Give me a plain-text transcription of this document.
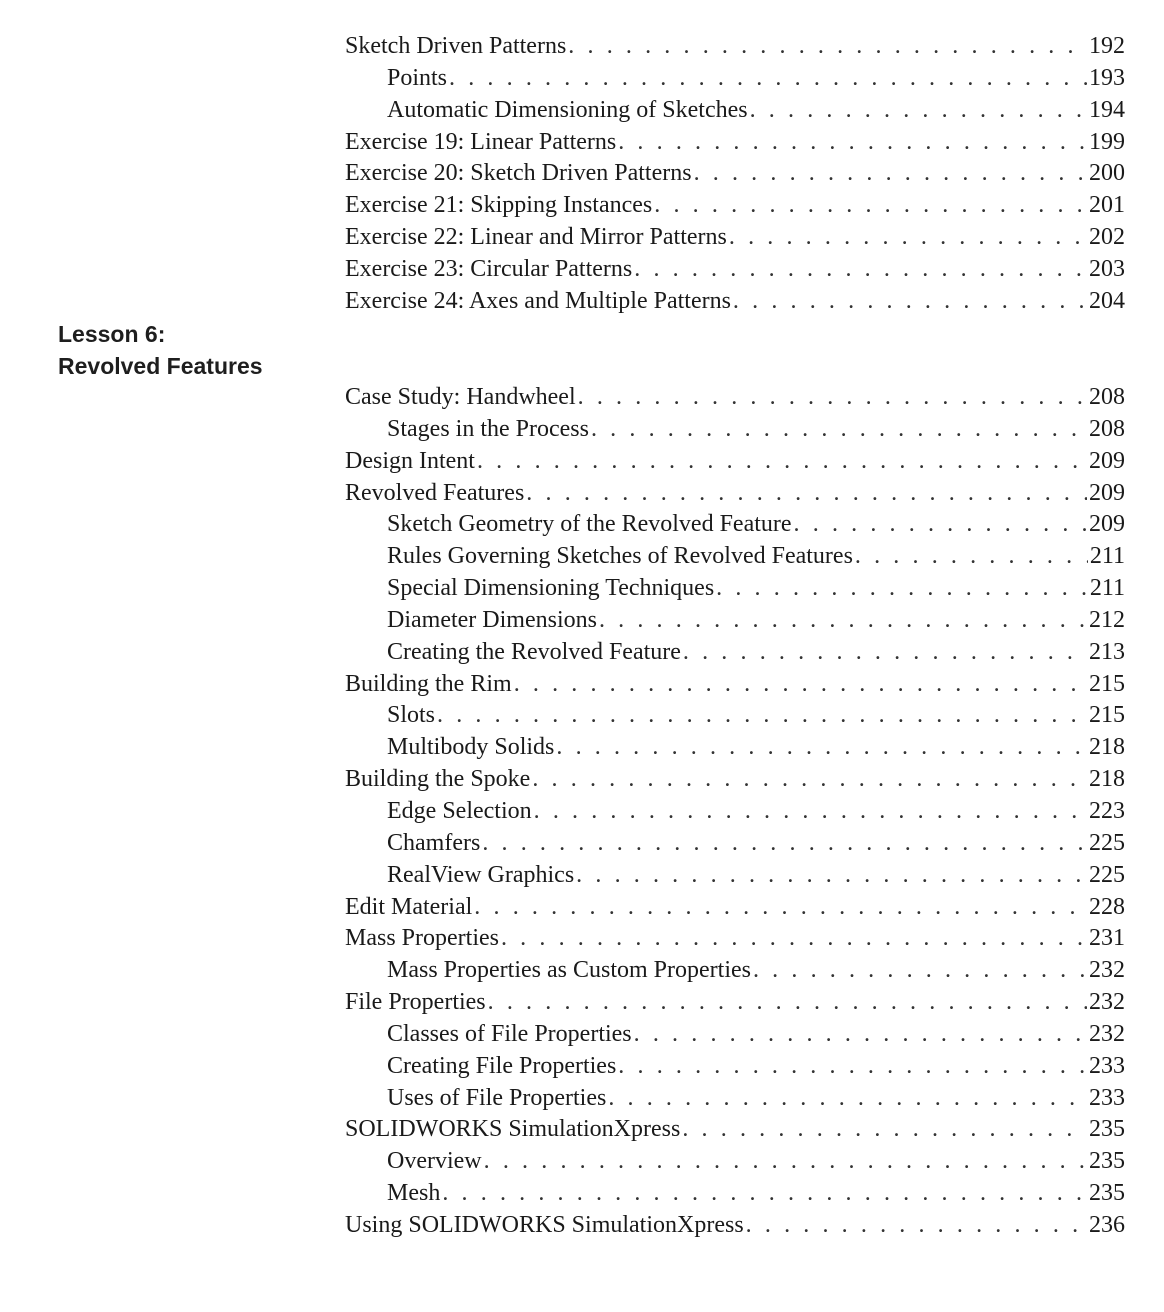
Sketch Driven Patterns . . .	192
Points . . .	193
Automatic Dimensioning of Sketches . . .	194
Exercise 19: Linear Patterns . . .	199
Exercise 20: Sketch Driven Patterns . . .	200
Exercise 21: Skipping Instances . . .	201
Exercise 22: Linear and Mirror Patterns . . .	202
Exercise 23: Circular Patterns . . .	203
Exercise 24: Axes and Multiple Patterns . . .	204
Lesson 6:
Revolved Features
Case Study: Handwheel . . .	208
Stages in the Process . . .	208
Design Intent . . .	209
Revolved Features . . .	209
Sketch Geometry of the Revolved Feature . . .	209
Rules Governing Sketches of Revolved Features . . .	211
Special Dimensioning Techniques . . .	211
Diameter Dimensions . . .	212
Creating the Revolved Feature . . .	213
Building the Rim . . .	215
Slots . . .	215
Multibody Solids . . .	218
Building the Spoke . . .	218
Edge Selection . . .	223
Chamfers . . .	225
RealView Graphics . . .	225
Edit Material . . .	228
Mass Properties . . .	231
Mass Properties as Custom Properties . . .	232
File Properties . . .	232
Classes of File Properties . . .	232
Creating File Properties . . .	233
Uses of File Properties . . .	233
SOLIDWORKS SimulationXpress . . .	235
Overview . . .	235
Mesh . . .	235
Using SOLIDWORKS SimulationXpress . . .	236
